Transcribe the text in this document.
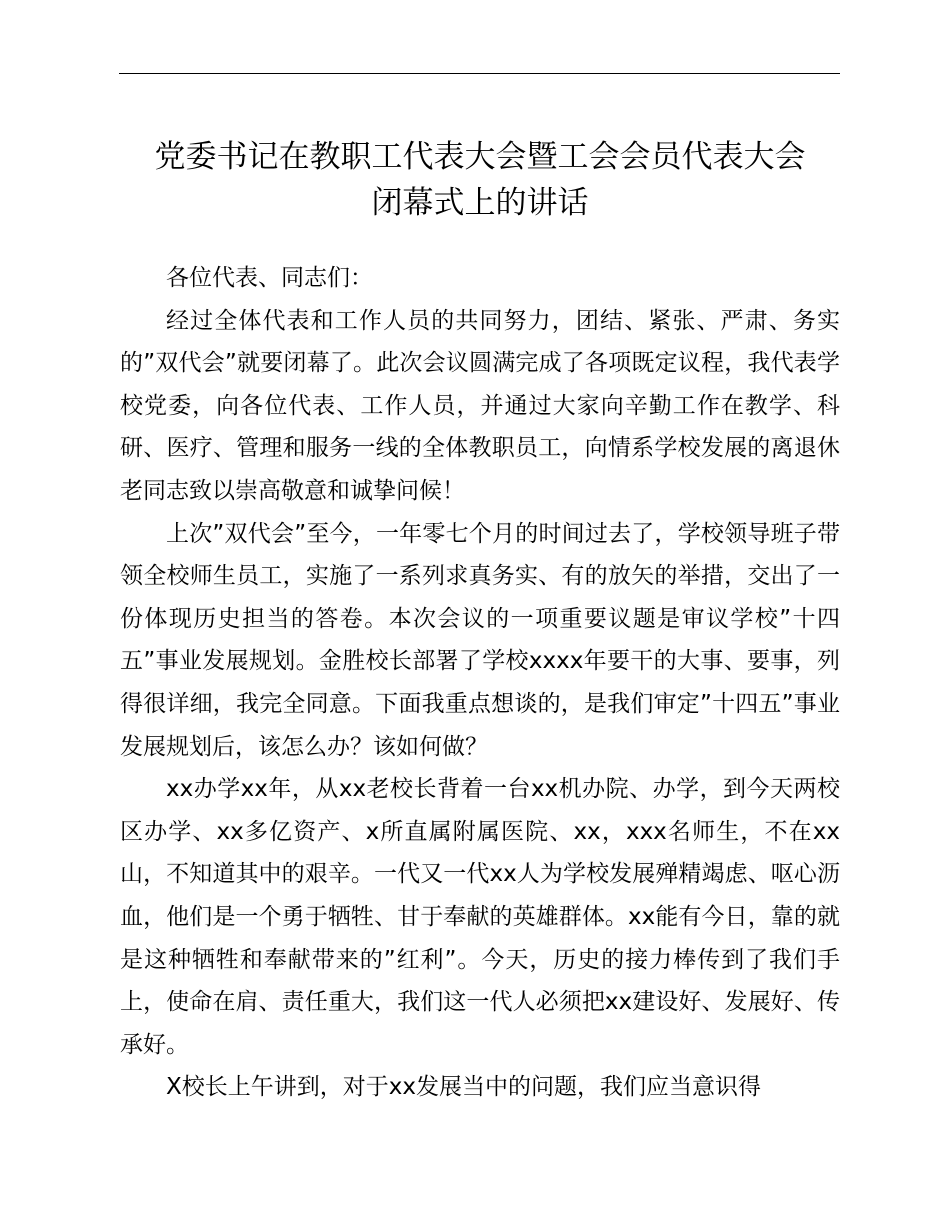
党委书记在教职工代表大会暨工会会员代表大会
闭幕式上的讲话

各位代表、同志们：

经过全体代表和工作人员的共同努力，团结、紧张、严肃、务实的”双代会”就要闭幕了。此次会议圆满完成了各项既定议程，我代表学校党委，向各位代表、工作人员，并通过大家向辛勤工作在教学、科研、医疗、管理和服务一线的全体教职员工，向情系学校发展的离退休老同志致以崇高敬意和诚挚问候！

上次”双代会”至今，一年零七个月的时间过去了，学校领导班子带领全校师生员工，实施了一系列求真务实、有的放矢的举措，交出了一份体现历史担当的答卷。本次会议的一项重要议题是审议学校”十四五”事业发展规划。金胜校长部署了学校xxxx年要干的大事、要事，列得很详细，我完全同意。下面我重点想谈的，是我们审定”十四五”事业发展规划后，该怎么办？该如何做？

xx办学xx年，从xx老校长背着一台xx机办院、办学，到今天两校区办学、xx多亿资产、x所直属附属医院、xx，xxx名师生，不在xx山，不知道其中的艰辛。一代又一代xx人为学校发展殚精竭虑、呕心沥血，他们是一个勇于牺牲、甘于奉献的英雄群体。xx能有今日，靠的就是这种牺牲和奉献带来的”红利”。今天，历史的接力棒传到了我们手上，使命在肩、责任重大，我们这一代人必须把xx建设好、发展好、传承好。

X校长上午讲到，对于xx发展当中的问题，我们应当意识得
